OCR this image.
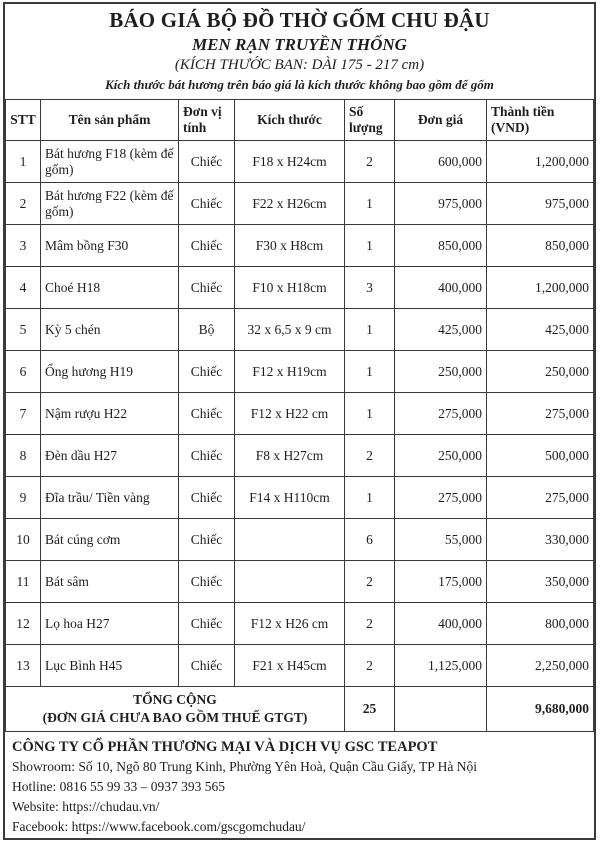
BÁO GIÁ BỘ ĐỒ THỜ GỐM CHU ĐẬU
MEN RẠN TRUYỀN THỐNG
(KÍCH THƯỚC BAN: DÀI 175 - 217 cm)
Kích thước bát hương trên báo giá là kích thước không bao gồm đế gốm
STT	Tên sản phẩm	Đơn vị tính	Kích thước	Số lượng	Đơn giá	Thành tiền (VND)
1	Bát hương F18 (kèm đế gốm)	Chiếc	F18 x H24cm	2	600,000	1,200,000
2	Bát hương F22 (kèm đế gốm)	Chiếc	F22 x H26cm	1	975,000	975,000
3	Mâm bồng F30	Chiếc	F30 x H8cm	1	850,000	850,000
4	Choé H18	Chiếc	F10 x H18cm	3	400,000	1,200,000
5	Kỳ 5 chén	Bộ	32 x 6,5 x 9 cm	1	425,000	425,000
6	Ống hương H19	Chiếc	F12 x H19cm	1	250,000	250,000
7	Nậm rượu H22	Chiếc	F12 x H22 cm	1	275,000	275,000
8	Đèn dầu H27	Chiếc	F8 x H27cm	2	250,000	500,000
9	Đĩa trầu/ Tiền vàng	Chiếc	F14 x H110cm	1	275,000	275,000
10	Bát cúng cơm	Chiếc		6	55,000	330,000
11	Bát sâm	Chiếc		2	175,000	350,000
12	Lọ hoa H27	Chiếc	F12 x H26 cm	2	400,000	800,000
13	Lục Bình H45	Chiếc	F21 x H45cm	2	1,125,000	2,250,000

TỔNG CỘNG
(ĐƠN GIÁ CHƯA BAO GỒM THUẾ GTGT)				25		9,680,000
CÔNG TY CỔ PHẦN THƯƠNG MẠI VÀ DỊCH VỤ GSC TEAPOT
Showroom: Số 10, Ngõ 80 Trung Kinh, Phường Yên Hoà, Quận Cầu Giấy, TP Hà Nội
Hotline: 0816 55 99 33 – 0937 393 565
Website: https://chudau.vn/
Facebook: https://www.facebook.com/gscgomchudau/
